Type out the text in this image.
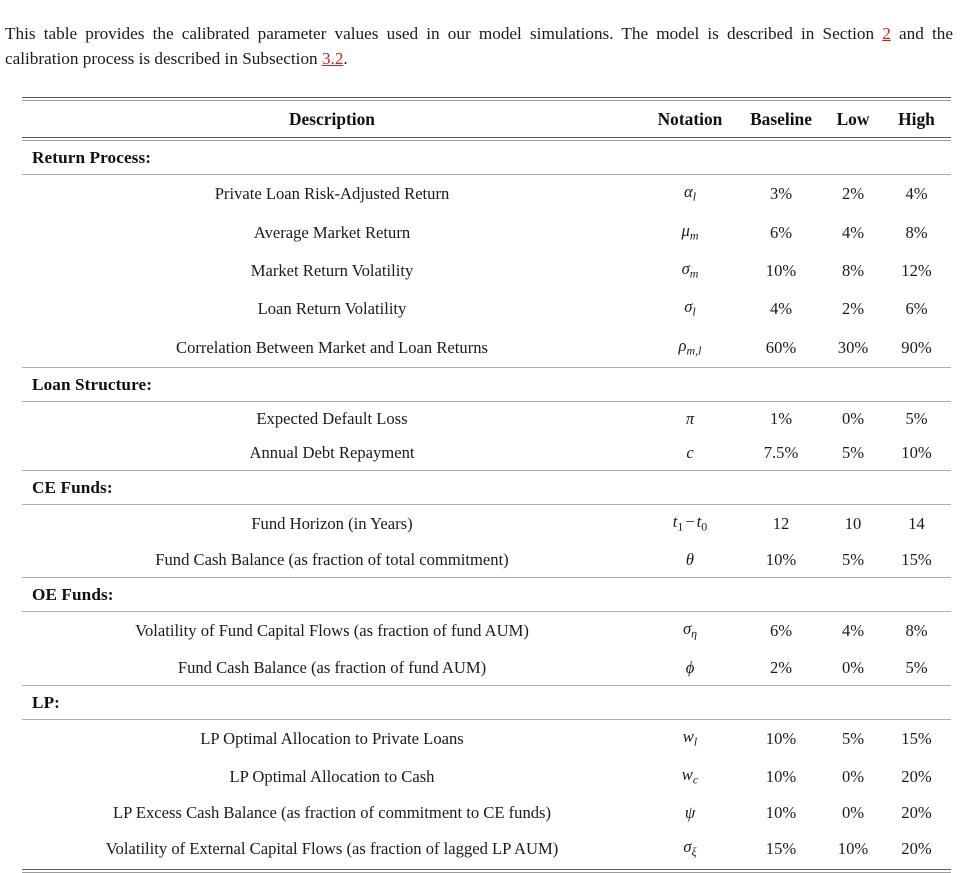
This table provides the calibrated parameter values used in our model simulations. The model is described in Section 2 and the calibration process is described in Subsection 3.2.

Description	Notation	Baseline	Low	High

Return Process:				

Private Loan Risk-Adjusted Return	$\alpha_l$	3%	2%	4%
Average Market Return	$\mu_m$	6%	4%	8%
Market Return Volatility	$\sigma_m$	10%	8%	12%
Loan Return Volatility	$\sigma_l$	4%	2%	6%
Correlation Between Market and Loan Returns	$\rho_{m,l}$	60%	30%	90%

Loan Structure:				

Expected Default Loss	π	1%	0%	5%
Annual Debt Repayment	c	7.5%	5%	10%

CE Funds:				

Fund Horizon (in Years)	$t_1 - t_0$	12	10	14
Fund Cash Balance (as fraction of total commitment)	θ	10%	5%	15%

OE Funds:				

Volatility of Fund Capital Flows (as fraction of fund AUM)	$\sigma_\eta$	6%	4%	8%
Fund Cash Balance (as fraction of fund AUM)	ϕ	2%	0%	5%

LP:				

LP Optimal Allocation to Private Loans	$w_l$	10%	5%	15%
LP Optimal Allocation to Cash	$w_c$	10%	0%	20%
LP Excess Cash Balance (as fraction of commitment to CE funds)	ψ	10%	0%	20%
Volatility of External Capital Flows (as fraction of lagged LP AUM)	$\sigma_\xi$	15%	10%	20%
